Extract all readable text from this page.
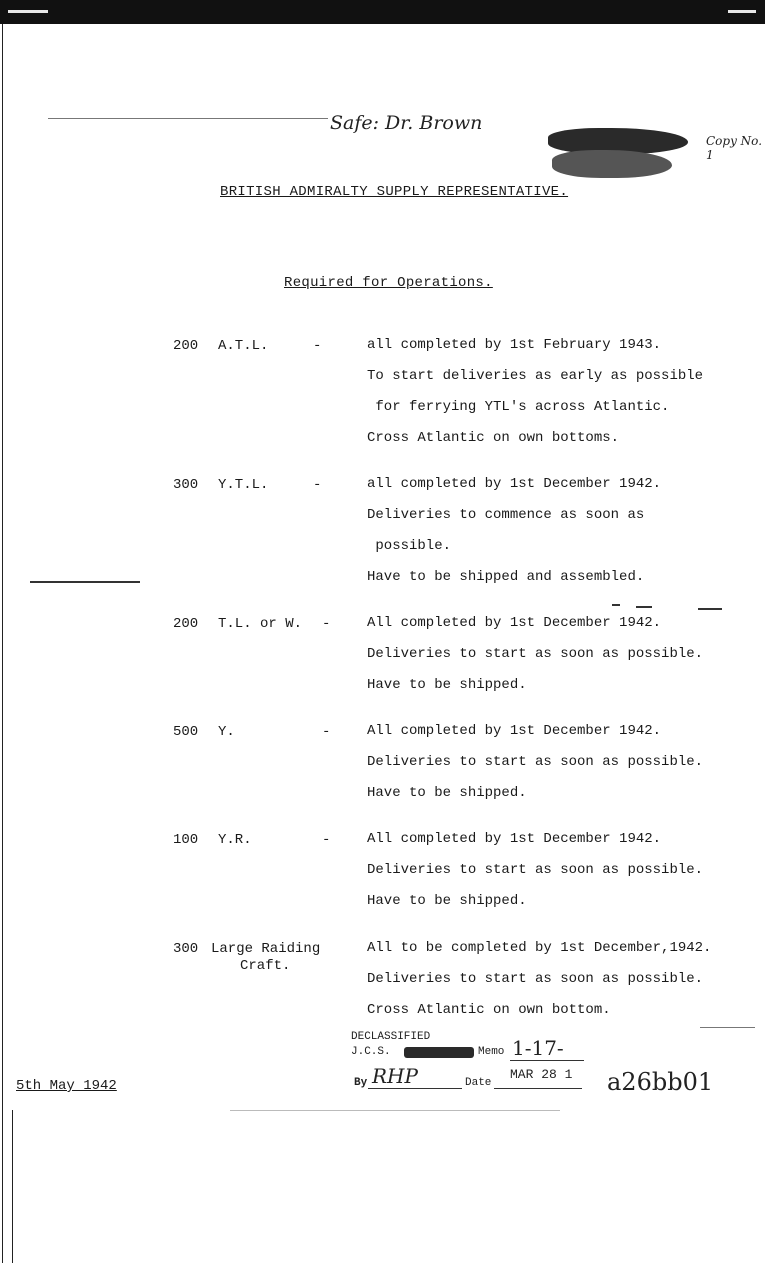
Safe: Dr. Brown
Copy No. 1
BRITISH ADMIRALTY SUPPLY REPRESENTATIVE.
Required for Operations.
200 A.T.L.	-	all completed by 1st February 1943.
To start deliveries as early as possible
for ferrying YTL's across Atlantic.
Cross Atlantic on own bottoms.
300 Y.T.L.	-	all completed by 1st December 1942.
Deliveries to commence as soon as
possible.
Have to be shipped and assembled.
200 T.L. or W. -	All completed by 1st December 1942.
Deliveries to start as soon as possible.
Have to be shipped.
500 Y.	-	All completed by 1st December 1942.
Deliveries to start as soon as possible.
Have to be shipped.
100 Y.R.	-	All completed by 1st December 1942.
Deliveries to start as soon as possible.
Have to be shipped.
300 Large Raiding
Craft.
All to be completed by 1st December,1942.
Deliveries to start as soon as possible.
Cross Atlantic on own bottom.
DECLASSIFIED
J.C.S.	Memo 1-17-
By RHP	Date
MAR 28 1
5th May 1942	a26bb01
